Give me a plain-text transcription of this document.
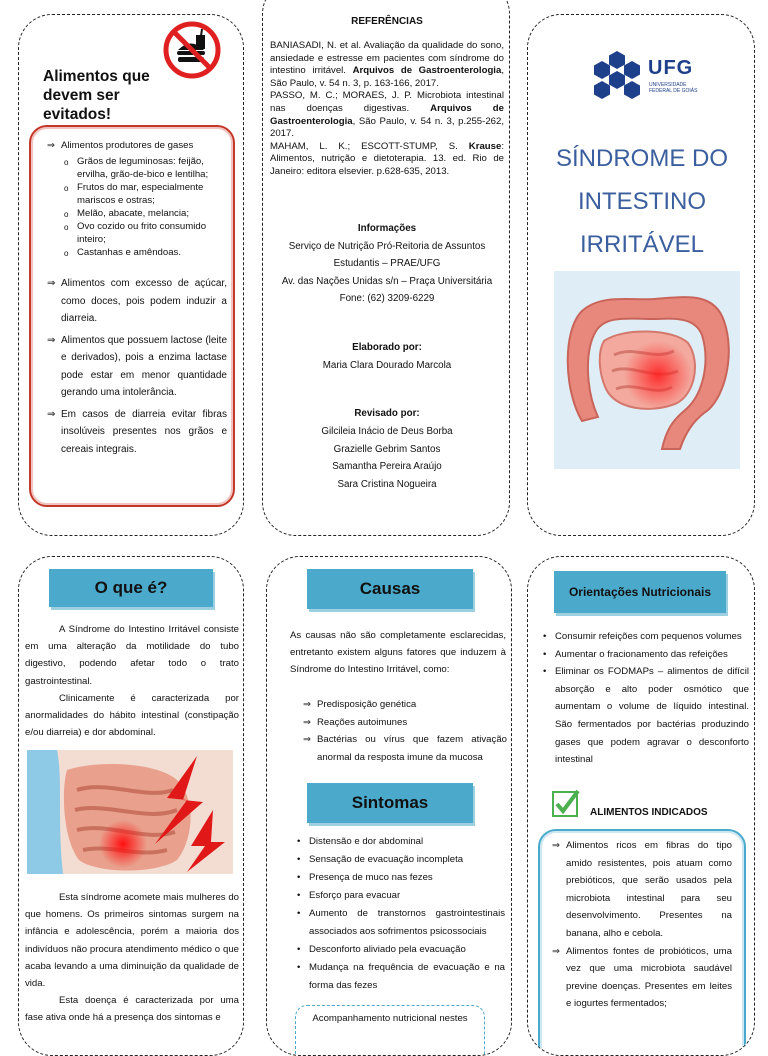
Alimentos que devem ser evitados!
⇒ Alimentos produtores de gases
o Grãos de leguminosas: feijão, ervilha, grão-de-bico e lentilha;
o Frutos do mar, especialmente mariscos e ostras;
o Melão, abacate, melancia;
o Ovo cozido ou frito consumido inteiro;
o Castanhas e amêndoas.
⇒ Alimentos com excesso de açúcar, como doces, pois podem induzir a diarreia.
⇒ Alimentos que possuem lactose (leite e derivados), pois a enzima lactase pode estar em menor quantidade gerando uma intolerância.
⇒ Em casos de diarreia evitar fibras insolúveis presentes nos grãos e cereais integrais.
REFERÊNCIAS
BANIASADI, N. et al. Avaliação da qualidade do sono, ansiedade e estresse em pacientes com síndrome do intestino irritável. Arquivos de Gastroenterologia, São Paulo, v. 54 n. 3, p. 163-166, 2017.
PASSO, M. C.; MORAES, J. P. Microbiota intestinal nas doenças digestivas. Arquivos de Gastroenterologia, São Paulo, v. 54 n. 3, p.255-262, 2017.
MAHAM, L. K.; ESCOTT-STUMP, S. Krause: Alimentos, nutrição e dietoterapia. 13. ed. Rio de Janeiro: editora elsevier. p.628-635, 2013.
Informações
Serviço de Nutrição Pró-Reitoria de Assuntos
Estudantis – PRAE/UFG
Av. das Nações Unidas s/n – Praça Universitária
Fone: (62) 3209-6229
Elaborado por:
Maria Clara Dourado Marcola
Revisado por:
Gilcileia Inácio de Deus Borba
Grazielle Gebrim Santos
Samantha Pereira Araújo
Sara Cristina Nogueira
UFG
UNIVERSIDADE
FEDERAL DE GOIÁS
SÍNDROME DO
INTESTINO
IRRITÁVEL
O que é?
A Síndrome do Intestino Irritável consiste em uma alteração da motilidade do tubo digestivo, podendo afetar todo o trato gastrointestinal.
Clinicamente é caracterizada por anormalidades do hábito intestinal (constipação e/ou diarreia) e dor abdominal.
Esta síndrome acomete mais mulheres do que homens. Os primeiros sintomas surgem na infância e adolescência, porém a maioria dos indivíduos não procura atendimento médico o que acaba levando a uma diminuição da qualidade de vida.
Esta doença é caracterizada por uma fase ativa onde há a presença dos sintomas e
Causas
As causas não são completamente esclarecidas, entretanto existem alguns fatores que induzem à Síndrome do Intestino Irritável, como:
⇒ Predisposição genética
⇒ Reações autoimunes
⇒ Bactérias ou vírus que fazem ativação anormal da resposta imune da mucosa
Sintomas
• Distensão e dor abdominal
• Sensação de evacuação incompleta
• Presença de muco nas fezes
• Esforço para evacuar
• Aumento de transtornos gastrointestinais associados aos sofrimentos psicossociais
• Desconforto aliviado pela evacuação
• Mudança na frequência de evacuação e na forma das fezes
Acompanhamento nutricional nestes
Orientações Nutricionais
• Consumir refeições com pequenos volumes
• Aumentar o fracionamento das refeições
• Eliminar os FODMAPs – alimentos de difícil absorção e alto poder osmótico que aumentam o volume de líquido intestinal. São fermentados por bactérias produzindo gases que podem agravar o desconforto intestinal
ALIMENTOS INDICADOS
⇒ Alimentos ricos em fibras do tipo amido resistentes, pois atuam como prebióticos, que serão usados pela microbiota intestinal para seu desenvolvimento. Presentes na banana, alho e cebola.
⇒ Alimentos fontes de probióticos, uma vez que uma microbiota saudável previne doenças. Presentes em leites e iogurtes fermentados;
